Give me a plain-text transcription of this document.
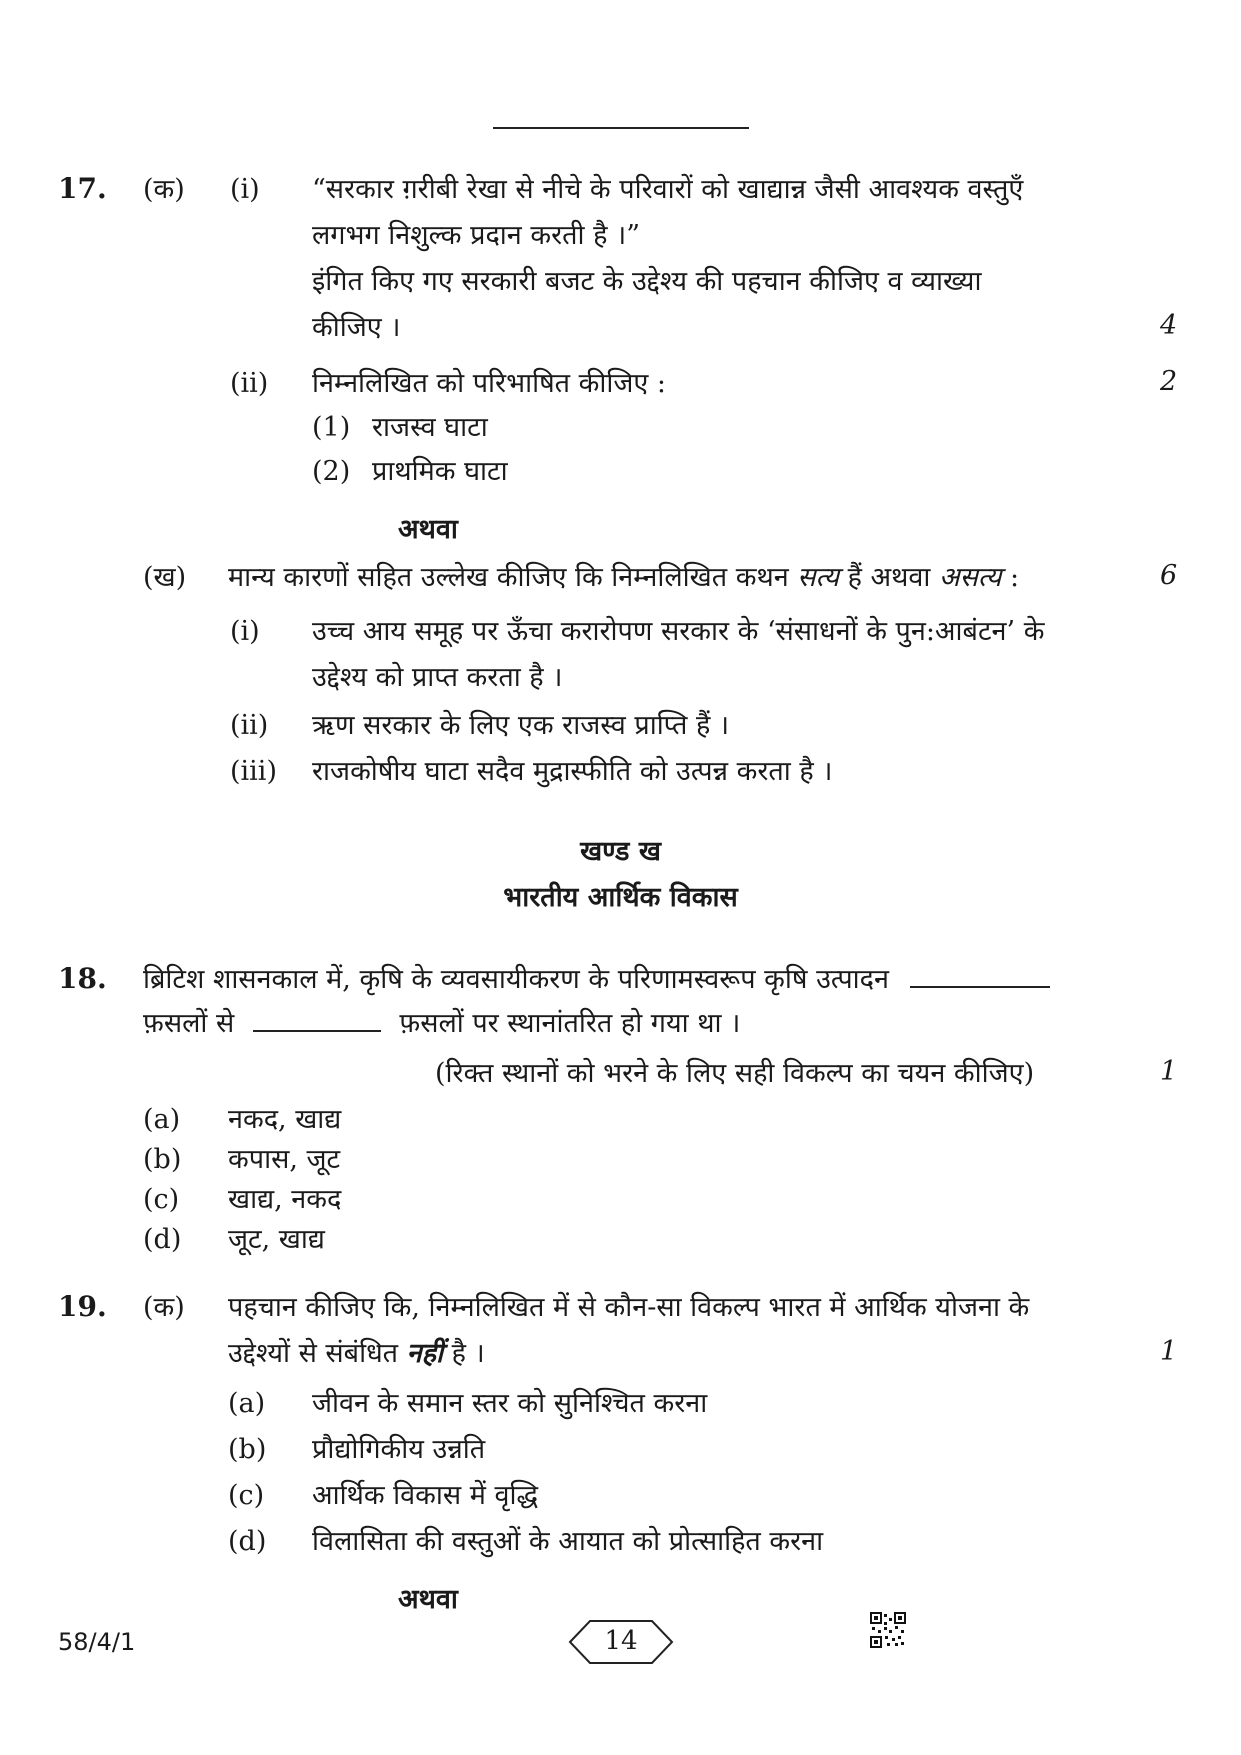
17. (क) (i) “सरकार ग़रीबी रेखा से नीचे के परिवारों को खाद्यान्न जैसी आवश्यक वस्तुएँ
लगभग निशुल्क प्रदान करती है ।”
इंगित किए गए सरकारी बजट के उद्देश्य की पहचान कीजिए व व्याख्या
कीजिए ।	4
(ii) निम्नलिखित को परिभाषित कीजिए :	2
(1) राजस्व घाटा
(2) प्राथमिक घाटा
अथवा
(ख) मान्य कारणों सहित उल्लेख कीजिए कि निम्नलिखित कथन सत्य हैं अथवा असत्य :	6
(i) उच्च आय समूह पर ऊँचा करारोपण सरकार के ‘संसाधनों के पुन:आबंटन’ के
उद्देश्य को प्राप्त करता है ।
(ii) ऋण सरकार के लिए एक राजस्व प्राप्ति हैं ।
(iii) राजकोषीय घाटा सदैव मुद्रास्फीति को उत्पन्न करता है ।
खण्ड ख
भारतीय आर्थिक विकास
18. ब्रिटिश शासनकाल में, कृषि के व्यवसायीकरण के परिणामस्वरूप कृषि उत्पादन
फ़सलों से	फ़सलों पर स्थानांतरित हो गया था ।
(रिक्त स्थानों को भरने के लिए सही विकल्प का चयन कीजिए)	1
(a) नकद, खाद्य
(b) कपास, जूट
(c) खाद्य, नकद
(d) जूट, खाद्य
19. (क) पहचान कीजिए कि, निम्नलिखित में से कौन-सा विकल्प भारत में आर्थिक योजना के
उद्देश्यों से संबंधित नहीं है ।	1
(a) जीवन के समान स्तर को सुनिश्चित करना
(b) प्रौद्योगिकीय उन्नति
(c) आर्थिक विकास में वृद्धि
(d) विलासिता की वस्तुओं के आयात को प्रोत्साहित करना
अथवा
58/4/1	14
